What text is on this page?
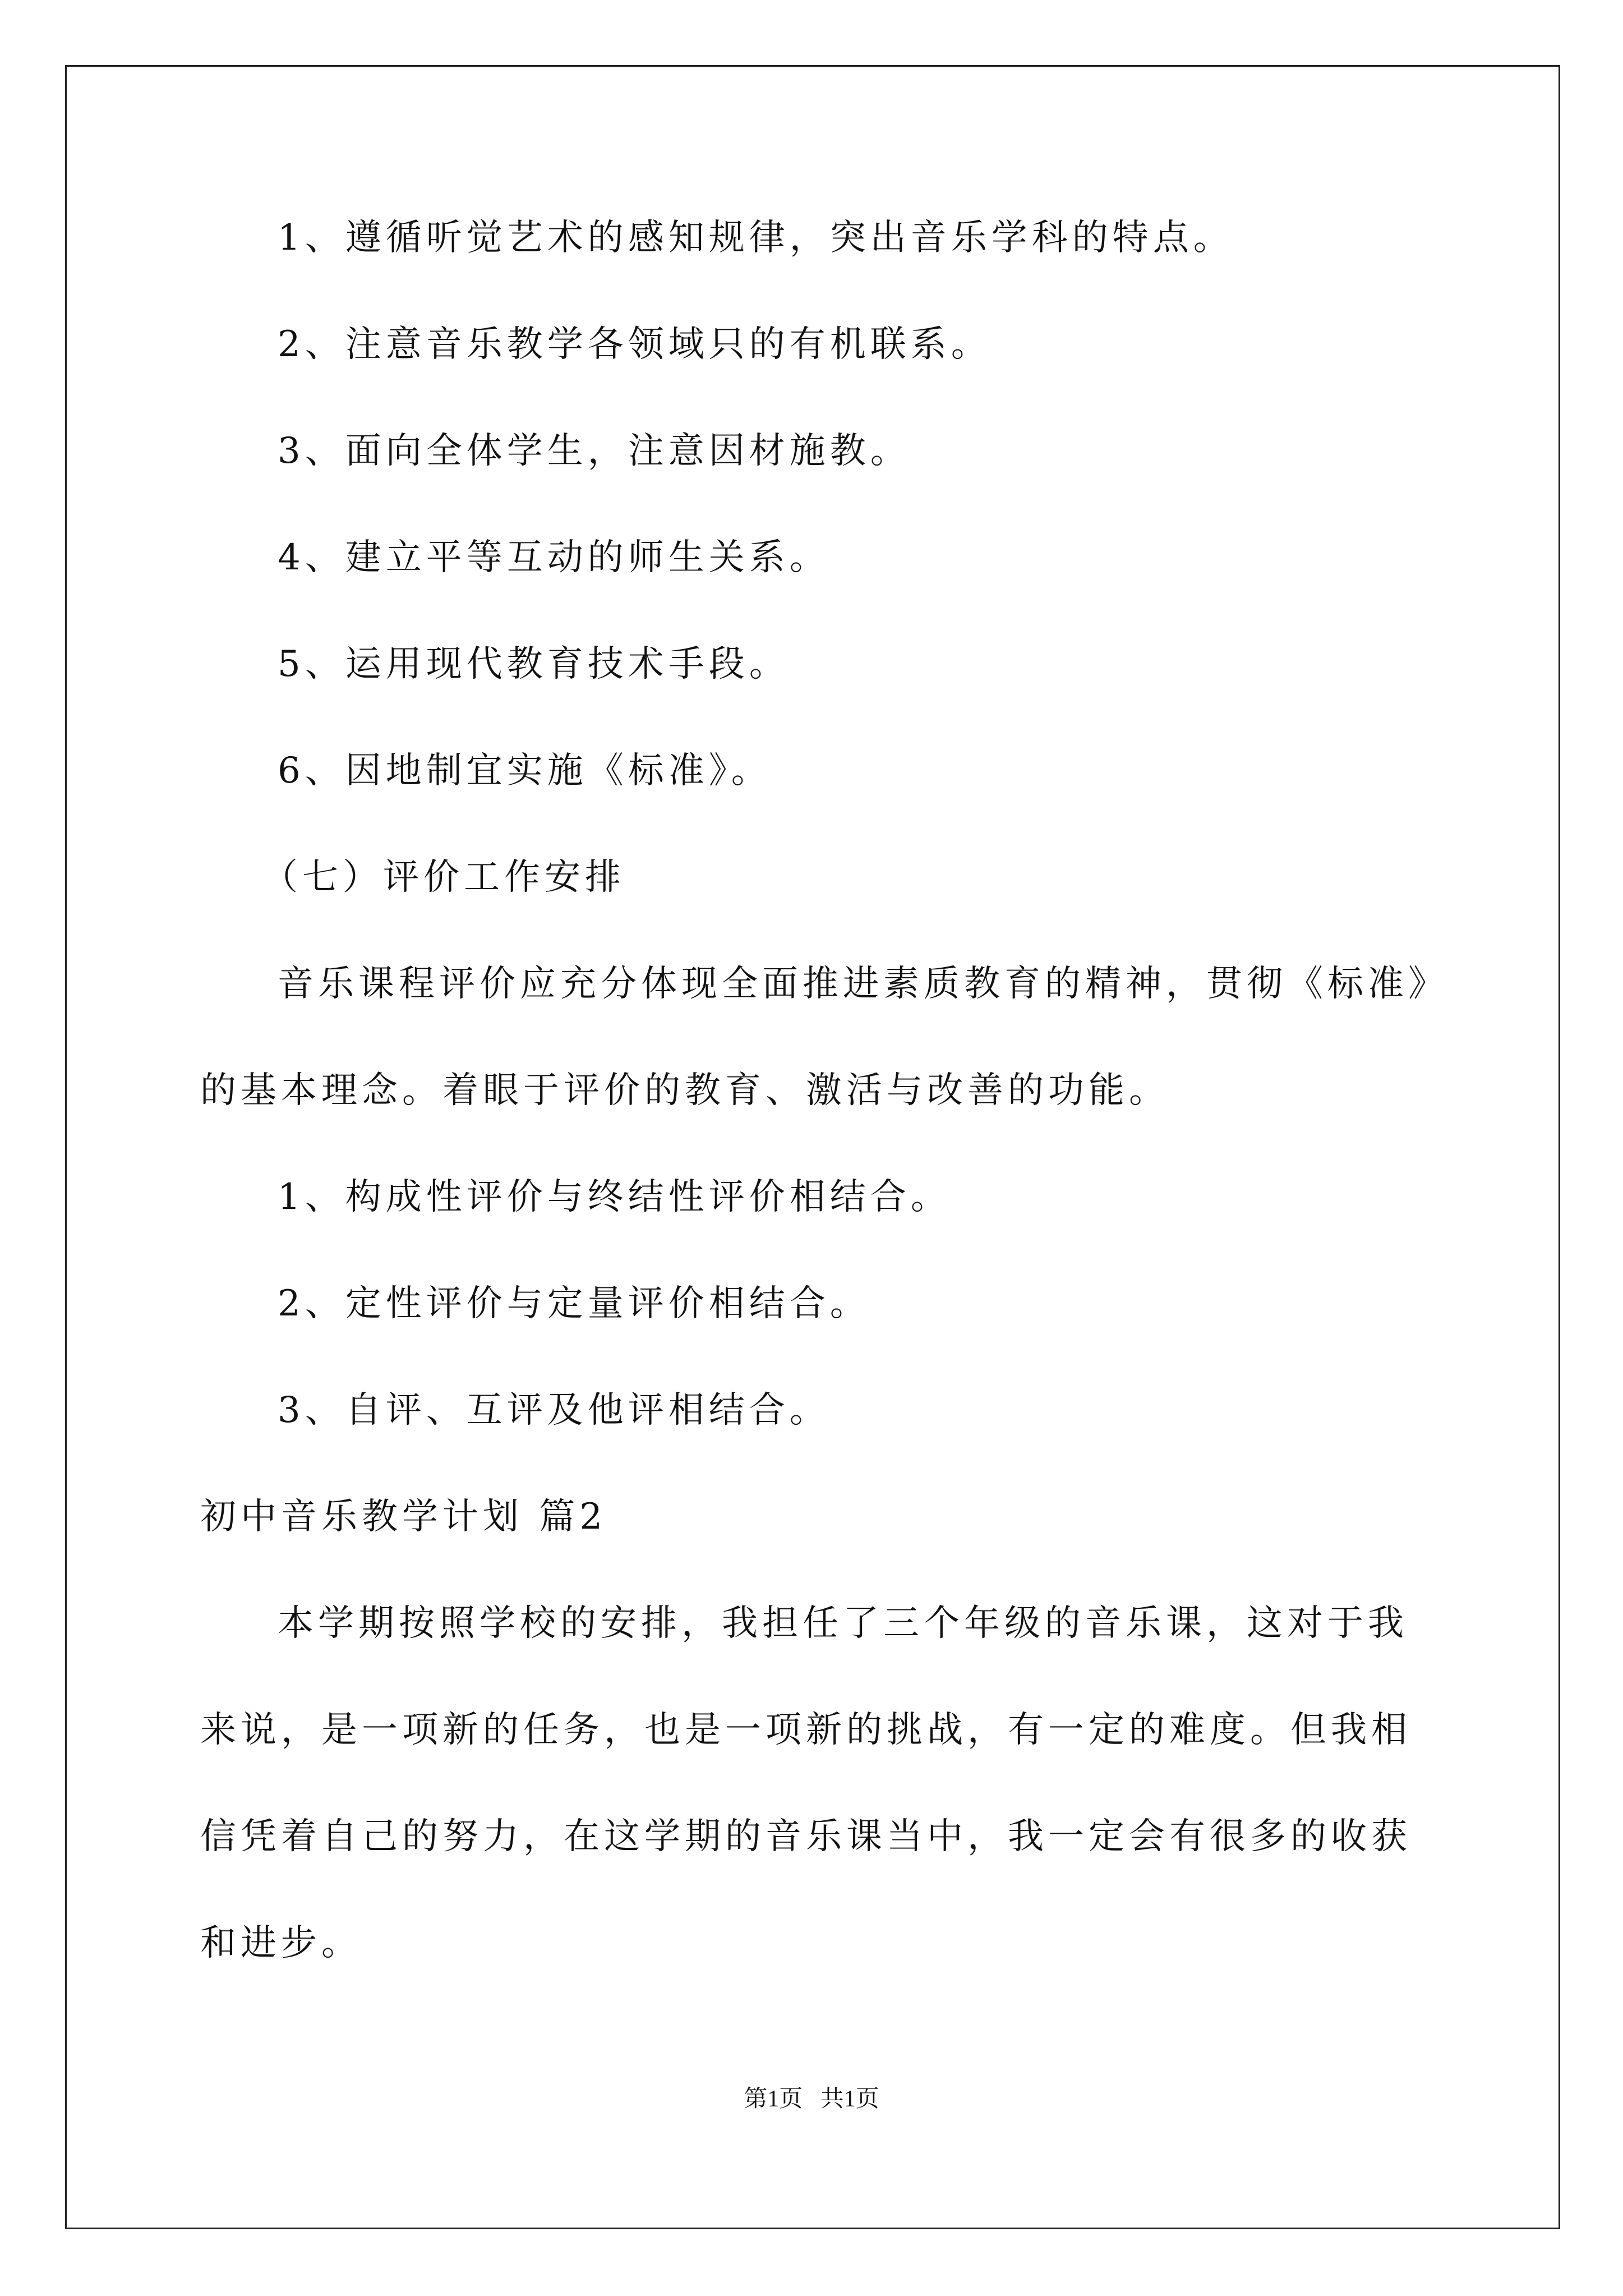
1、遵循听觉艺术的感知规律，突出音乐学科的特点。
2、注意音乐教学各领域只的有机联系。
3、面向全体学生，注意因材施教。
4、建立平等互动的师生关系。
5、运用现代教育技术手段。
6、因地制宜实施《标准》。
（七）评价工作安排
音乐课程评价应充分体现全面推进素质教育的精神，贯彻《标准》
的基本理念。着眼于评价的教育、激活与改善的功能。
1、构成性评价与终结性评价相结合。
2、定性评价与定量评价相结合。
3、自评、互评及他评相结合。
初中音乐教学计划 篇2
本学期按照学校的安排，我担任了三个年级的音乐课，这对于我
来说，是一项新的任务，也是一项新的挑战，有一定的难度。但我相
信凭着自己的努力，在这学期的音乐课当中，我一定会有很多的收获
和进步。
第1页   共1页
